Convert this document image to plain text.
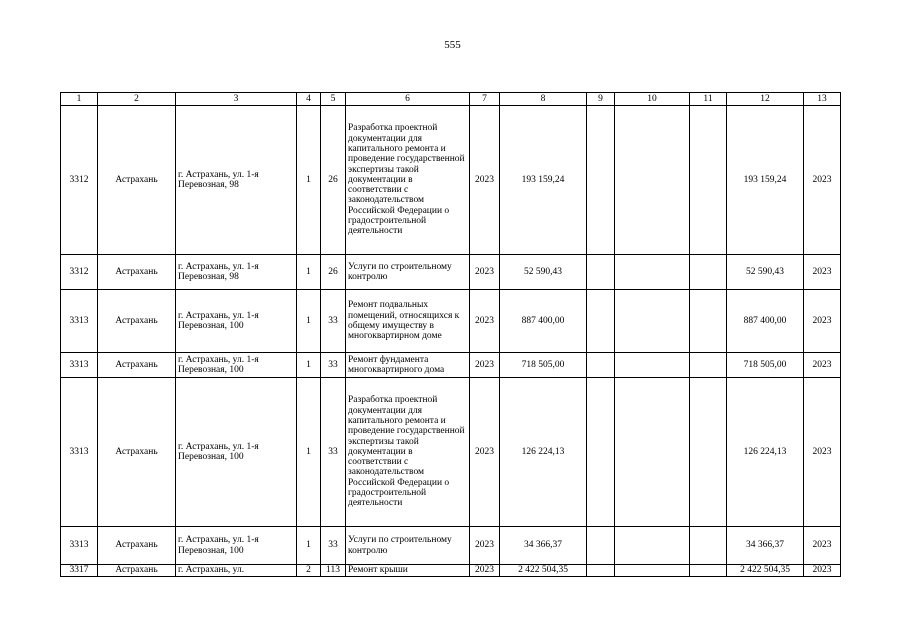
555
1	2	3	4	5	6	7	8	9	10	11	12	13
3312	Астрахань	г. Астрахань, ул. 1-я Перевозная, 98	1	26	Разработка проектной документации для капитального ремонта и проведение государственной экспертизы такой документации в соответствии с законодательством Российской Федерации о градостроительной деятельности	2023	193 159,24				193 159,24	2023
3312	Астрахань	г. Астрахань, ул. 1-я Перевозная, 98	1	26	Услуги по строительному контролю	2023	52 590,43				52 590,43	2023
3313	Астрахань	г. Астрахань, ул. 1-я Перевозная, 100	1	33	Ремонт подвальных помещений, относящихся к общему имуществу в многоквартирном доме	2023	887 400,00				887 400,00	2023
3313	Астрахань	г. Астрахань, ул. 1-я Перевозная, 100	1	33	Ремонт фундамента многоквартирного дома	2023	718 505,00				718 505,00	2023
3313	Астрахань	г. Астрахань, ул. 1-я Перевозная, 100	1	33	Разработка проектной документации для капитального ремонта и проведение государственной экспертизы такой документации в соответствии с законодательством Российской Федерации о градостроительной деятельности	2023	126 224,13				126 224,13	2023
3313	Астрахань	г. Астрахань, ул. 1-я Перевозная, 100	1	33	Услуги по строительному контролю	2023	34 366,37				34 366,37	2023
3317	Астрахань	г. Астрахань, ул.	2	113	Ремонт крыши	2023	2 422 504,35				2 422 504,35	2023
